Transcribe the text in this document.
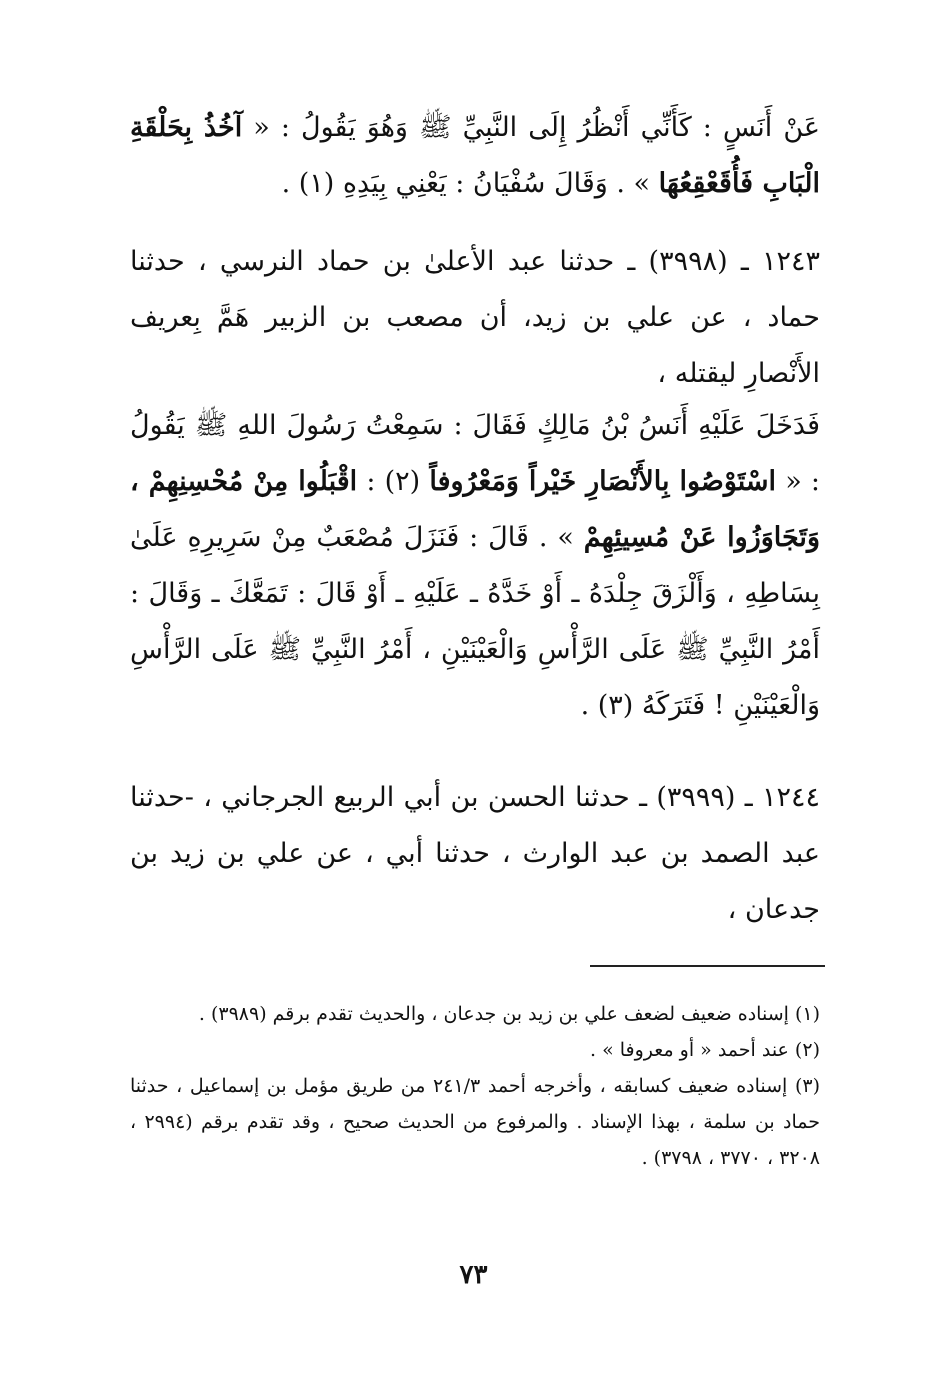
عَنْ أَنَسٍ : كَأَنِّي أَنْظُرُ إِلَى النَّبِيِّ ﷺ وَهُوَ يَقُولُ : « آخُذُ بِحَلْقَةِ الْبَابِ فَأُقَعْقِعُهَا » . وَقَالَ سُفْيَانُ : يَعْنِي بِيَدِهِ (١) .
١٢٤٣ ـ (٣٩٩٨) ـ حدثنا عبد الأعلىٰ بن حماد النرسي ، حدثنا حماد ، عن علي بن زيد، أن مصعب بن الزبير هَمَّ بِعريف الأَنْصارِ ليقتله ،
فَدَخَلَ عَلَيْهِ أَنَسُ بْنُ مَالِكٍ فَقَالَ : سَمِعْتُ رَسُولَ اللهِ ﷺ يَقُولُ : « اسْتَوْصُوا بِالأَنْصَارِ خَيْراً وَمَعْرُوفاً (٢) : اقْبَلُوا مِنْ مُحْسِنِهِمْ ، وَتَجَاوَزُوا عَنْ مُسِيئِهِمْ » . قَالَ : فَنَزَلَ مُصْعَبٌ مِنْ سَرِيرِهِ عَلَىٰ بِسَاطِهِ ، وَأَلْزَقَ جِلْدَهُ ـ أَوْ خَدَّهُ ـ عَلَيْهِ ـ أَوْ قَالَ : تَمَعَّكَ ـ وَقَالَ : أَمْرُ النَّبِيِّ ﷺ عَلَى الرَّأْسِ وَالْعَيْنَيْنِ ، أَمْرُ النَّبِيِّ ﷺ عَلَى الرَّأْسِ وَالْعَيْنَيْنِ ! فَتَرَكَهُ (٣) .
١٢٤٤ ـ (٣٩٩٩) ـ حدثنا الحسن بن أبي الربيع الجرجاني ، ‐حدثنا عبد الصمد بن عبد الوارث ، حدثنا أبي ، عن علي بن زيد بن جدعان ،
(١) إسناده ضعيف لضعف علي بن زيد بن جدعان ، والحديث تقدم برقم (٣٩٨٩) .
(٢) عند أحمد « أو معروفا » .
(٣) إسناده ضعيف كسابقه ، وأخرجه أحمد ٢٤١/٣ من طريق مؤمل بن إسماعيل ، حدثنا حماد بن سلمة ، بهذا الإسناد . والمرفوع من الحديث صحيح ، وقد تقدم برقم (٢٩٩٤ ، ٣٢٠٨ ، ٣٧٧٠ ، ٣٧٩٨) .
٧٣
